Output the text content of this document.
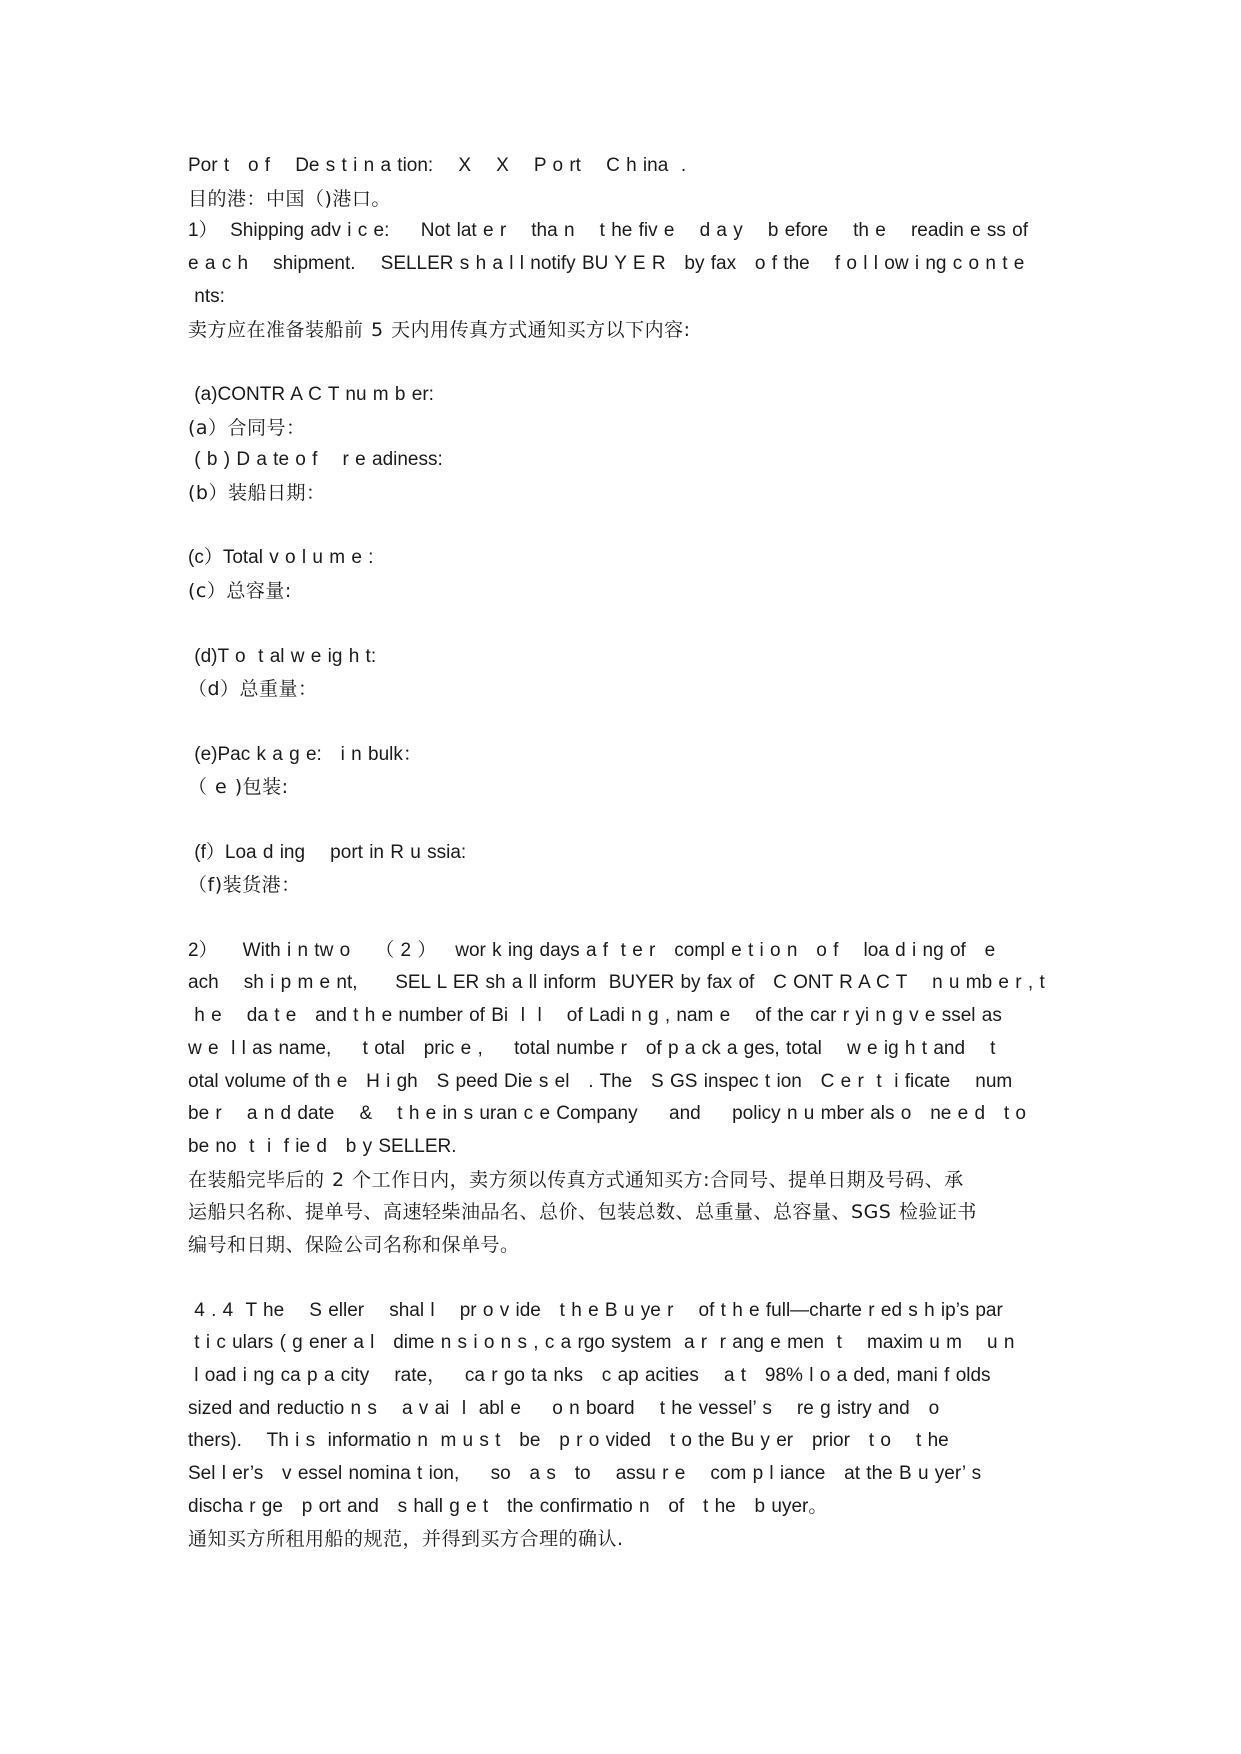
Por t   o f    De s t i n a tion:    X    X    P o rt    C h ina  .

目的港：中国（)港口。

1）  Shipping adv i c e:     Not lat e r    tha n    t he fiv e    d a y    b efore    th e    readin e ss of

e a c h    shipment.    SELLER s h a l l notify BU Y E R   by fax   o f the    f o l l ow i ng c o n t e

nts:

卖方应在准备装船前 5 天内用传真方式通知买方以下内容:

(a)CONTR A C T nu m b er:

(a）合同号：

( b ) D a te o f    r e adiness:

(b）装船日期：

(c）Total v o l u m e :

(c）总容量:

(d)T o  t al w e ig h t:

（d）总重量：

(e)Pac k a g e:   i n bulk：

（ e )包装:

(f）Loa d ing    port in R u ssia:

（f)装货港：

2）    With i n tw o    （ 2 ）   wor k ing days a f  t e r   compl e t i o n   o f    loa d i ng of   e

ach    sh i p m e nt,      SEL L ER sh a ll inform  BUYER by fax of   C ONT R A C T    n u mb e r , t

h e    da t e   and t h e number of Bi  l  l    of Ladi n g , nam e    of the car r yi n g v e ssel as

w e  l l as name,     t otal   pric e ,     total numbe r   of p a ck a ges, total    w e ig h t and    t

otal volume of th e   H i gh   S peed Die s el   . The   S GS inspec t ion   C e r  t  i ficate    num

be r    a n d date    &    t h e in s uran c e Company     and     policy n u mber als o   ne e d   t o

be no  t  i  f ie d   b y SELLER.

在装船完毕后的 2 个工作日内，卖方须以传真方式通知买方:合同号、提单日期及号码、承

运船只名称、提单号、高速轻柴油品名、总价、包装总数、总重量、总容量、SGS 检验证书

编号和日期、保险公司名称和保单号。

4 . 4  T he    S eller    shal l    pr o v ide   t h e B u ye r    of t h e full—charte r ed s h ip’s par

t i c ulars ( g ener a l   dime n s i o n s , c a rgo system  a r  r ang e men  t    maxim u m    u n

l oad i ng ca p a city    rate，   ca r go ta nks   c ap acities    a t   98% l o a ded, mani f olds

sized and reductio n s    a v ai  l  abl e     o n board    t he vessel’ s    re g istry and   o

thers).    Th i s  informatio n  m u s t   be   p r o vided   t o the Bu y er   prior   t o    t he

Sel l er’s   v essel nomina t ion,     so   a s   to    assu r e    com p l iance   at the B u yer’ s

discha r ge   p ort and   s hall g e t   the confirmatio n   of   t he   b uyer。

通知买方所租用船的规范，并得到买方合理的确认.
